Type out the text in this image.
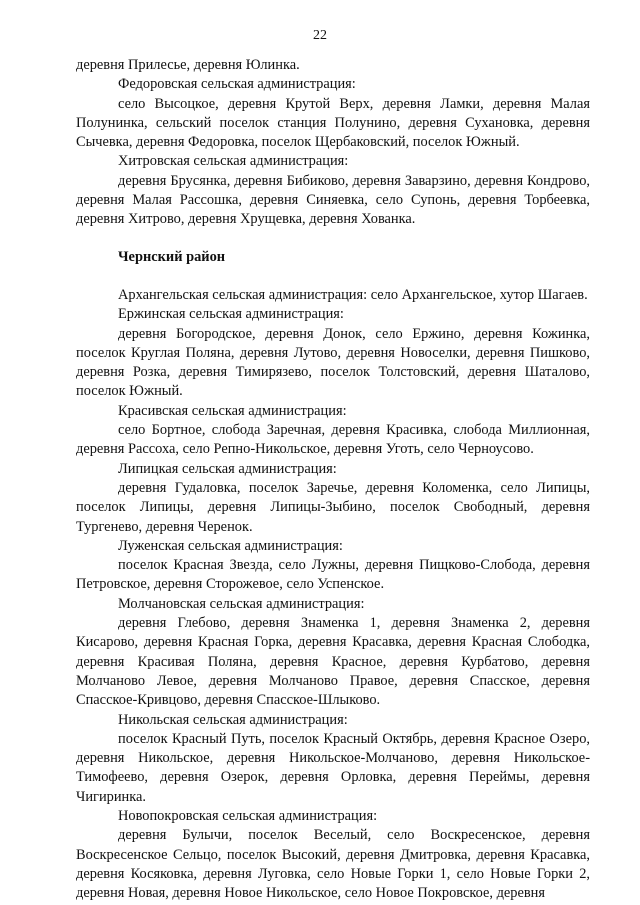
22

деревня Прилесье, деревня Юлинка.

Федоровская сельская администрация:

село Высоцкое, деревня Крутой Верх, деревня Ламки, деревня Малая Полунинка, сельский поселок станция Полунино, деревня Сухановка, деревня Сычевка, деревня Федоровка, поселок Щербаковский, поселок Южный.

Хитровская сельская администрация:

деревня Брусянка, деревня Бибиково, деревня Заварзино, деревня Кондрово, деревня Малая Рассошка, деревня Синяевка, село Супонь, деревня Торбеевка, деревня Хитрово, деревня Хрущевка, деревня Хованка.

Чернский район

Архангельская сельская администрация: село Архангельское, хутор Шагаев.

Ержинская сельская администрация:

деревня Богородское, деревня Донок, село Ержино, деревня Кожинка, поселок Круглая Поляна, деревня Лутово, деревня Новоселки, деревня Пишково, деревня Розка, деревня Тимирязево, поселок Толстовский, деревня Шаталово, поселок Южный.

Красивская сельская администрация:

село Бортное, слобода Заречная, деревня Красивка, слобода Миллионная, деревня Рассоха, село Репно-Никольское, деревня Уготь, село Черноусово.

Липицкая сельская администрация:

деревня Гудаловка, поселок Заречье, деревня Коломенка, село Липицы, поселок Липицы, деревня Липицы-Зыбино, поселок Свободный, деревня Тургенево, деревня Черенок.

Луженская сельская администрация:

поселок Красная Звезда, село Лужны, деревня Пищково-Слобода, деревня Петровское, деревня Сторожевое, село Успенское.

Молчановская сельская администрация:

деревня Глебово, деревня Знаменка 1, деревня Знаменка 2, деревня Кисарово, деревня Красная Горка, деревня Красавка, деревня Красная Слободка, деревня Красивая Поляна, деревня Красное, деревня Курбатово, деревня Молчаново Левое, деревня Молчаново Правое, деревня Спасское, деревня Спасское-Кривцово, деревня Спасское-Шлыково.

Никольская сельская администрация:

поселок Красный Путь, поселок Красный Октябрь, деревня Красное Озеро, деревня Никольское, деревня Никольское-Молчаново, деревня Никольское-Тимофеево, деревня Озерок, деревня Орловка, деревня Переймы, деревня Чигиринка.

Новопокровская сельская администрация:

деревня Булычи, поселок Веселый, село Воскресенское, деревня Воскресенское Сельцо, поселок Высокий, деревня Дмитровка, деревня Красавка, деревня Косяковка, деревня Луговка, село Новые Горки 1, село Новые Горки 2, деревня Новая, деревня Новое Никольское, село Новое Покровское, деревня
